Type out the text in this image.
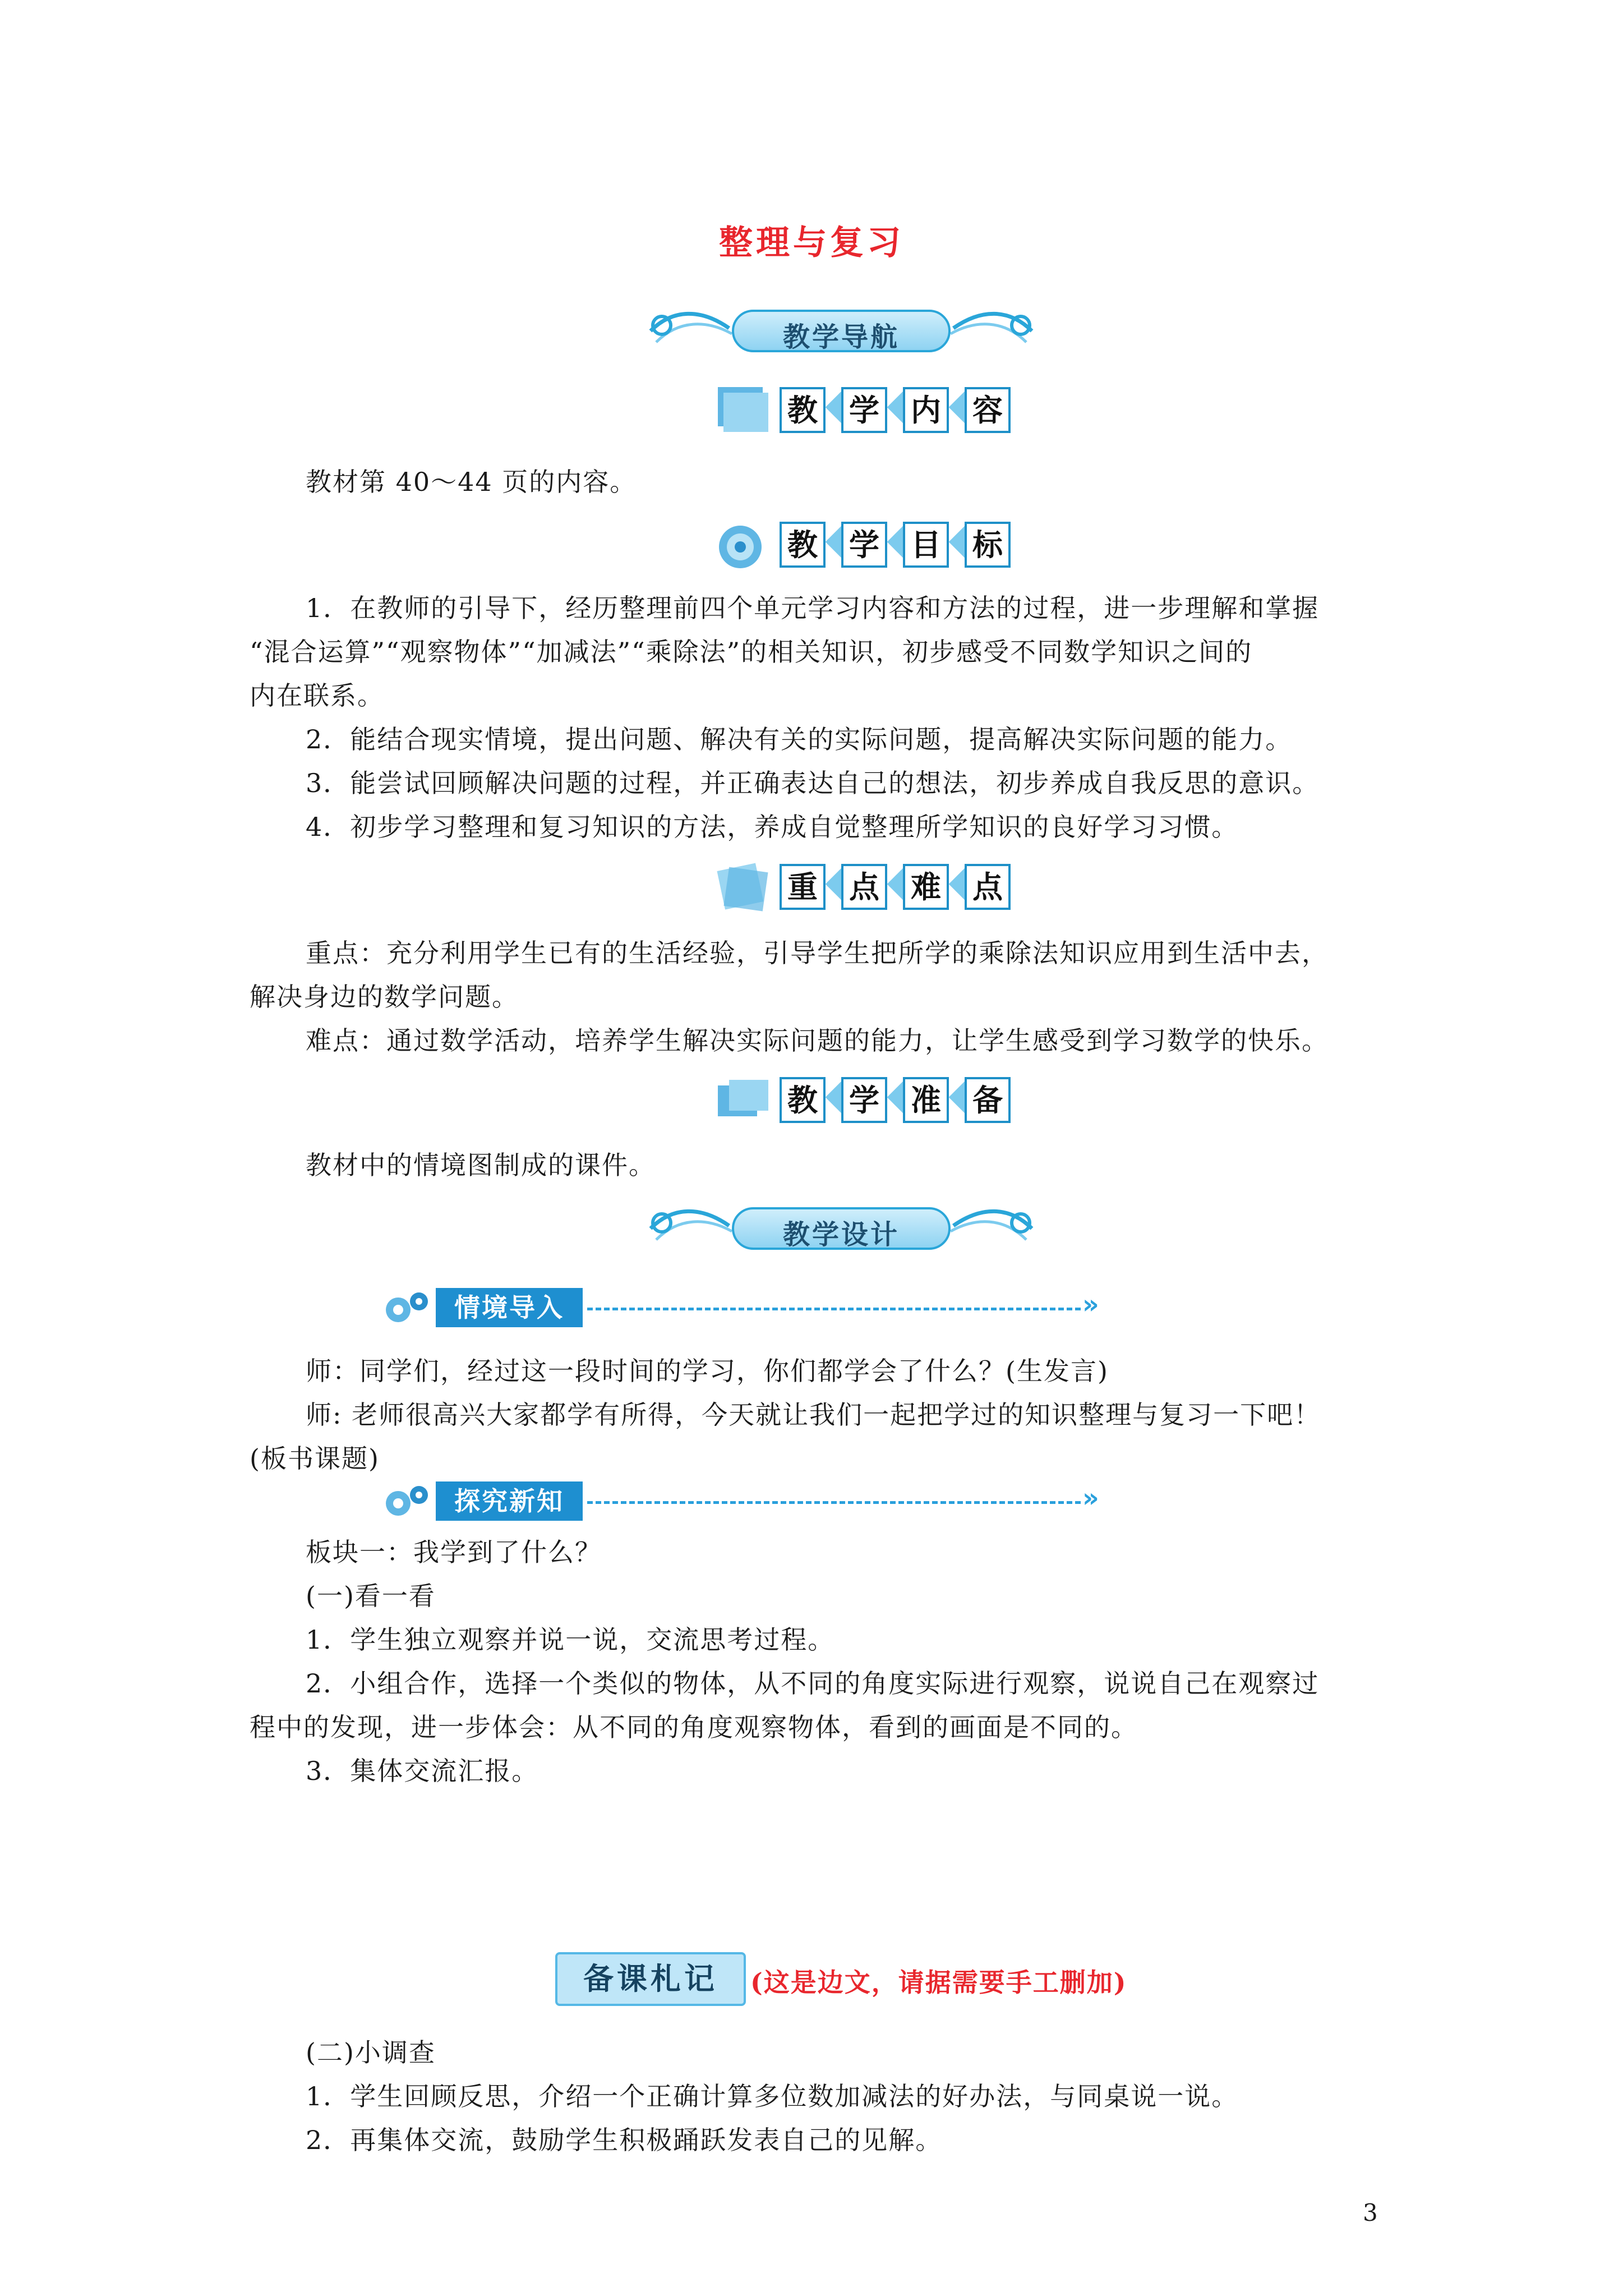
整理与复习
教学导航
教 学 内 容
教材第 40～44 页的内容。
教 学 目 标
1．在教师的引导下，经历整理前四个单元学习内容和方法的过程，进一步理解和掌握
“混合运算”“观察物体”“加减法”“乘除法”的相关知识，初步感受不同数学知识之间的
内在联系。
2．能结合现实情境，提出问题、解决有关的实际问题，提高解决实际问题的能力。
3．能尝试回顾解决问题的过程，并正确表达自己的想法，初步养成自我反思的意识。
4．初步学习整理和复习知识的方法，养成自觉整理所学知识的良好学习习惯。
重 点 难 点
重点：充分利用学生已有的生活经验，引导学生把所学的乘除法知识应用到生活中去，
解决身边的数学问题。
难点：通过数学活动，培养学生解决实际问题的能力，让学生感受到学习数学的快乐。
教 学 准 备
教材中的情境图制成的课件。
教学设计
情境导入	»
师：同学们，经过这一段时间的学习，你们都学会了什么？(生发言)
师: 老师很高兴大家都学有所得，今天就让我们一起把学过的知识整理与复习一下吧！
(板书课题)
探究新知	»
板块一：我学到了什么？
(一)看一看
1．学生独立观察并说一说，交流思考过程。
2．小组合作，选择一个类似的物体，从不同的角度实际进行观察，说说自己在观察过
程中的发现，进一步体会：从不同的角度观察物体，看到的画面是不同的。
3．集体交流汇报。
备课札记	(这是边文，请据需要手工删加)
(二)小调查
1．学生回顾反思，介绍一个正确计算多位数加减法的好办法，与同桌说一说。
2．再集体交流，鼓励学生积极踊跃发表自己的见解。
3
